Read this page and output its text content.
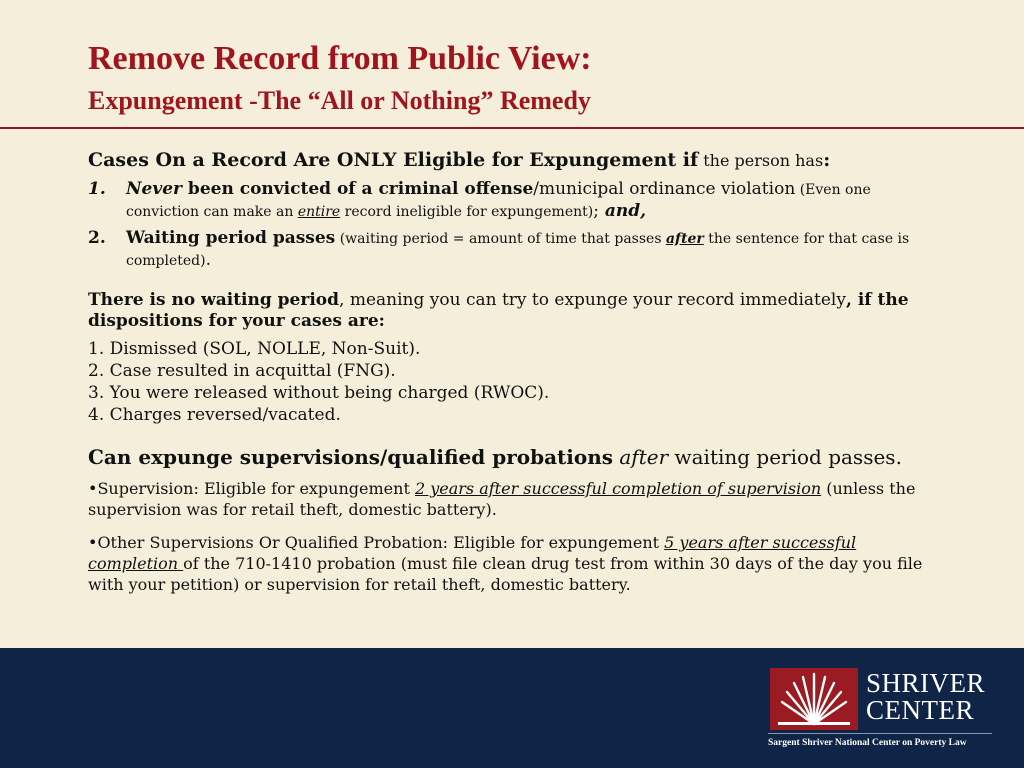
Remove Record from Public View:
Expungement -The “All or Nothing” Remedy

Cases On a Record Are ONLY Eligible for Expungement if the person has:

1.	Never been convicted of a criminal offense/municipal ordinance violation (Even one conviction can make an entire record ineligible for expungement); and,
2.	Waiting period passes (waiting period = amount of time that passes after the sentence for that case is completed).

There is no waiting period, meaning you can try to expunge your record immediately, if the dispositions for your cases are:

1. Dismissed (SOL, NOLLE, Non-Suit).

2. Case resulted in acquittal (FNG).

3. You were released without being charged (RWOC).

4. Charges reversed/vacated.

Can expunge supervisions/qualified probations after waiting period passes.

•Supervision: Eligible for expungement 2 years after successful completion of supervision (unless the supervision was for retail theft, domestic battery).

•Other Supervisions Or Qualified Probation: Eligible for expungement 5 years after successful completion of the 710-1410 probation (must file clean drug test from within 30 days of the day you file with your petition) or supervision for retail theft, domestic battery.

SHRIVER
CENTER
Sargent Shriver National Center on Poverty Law
